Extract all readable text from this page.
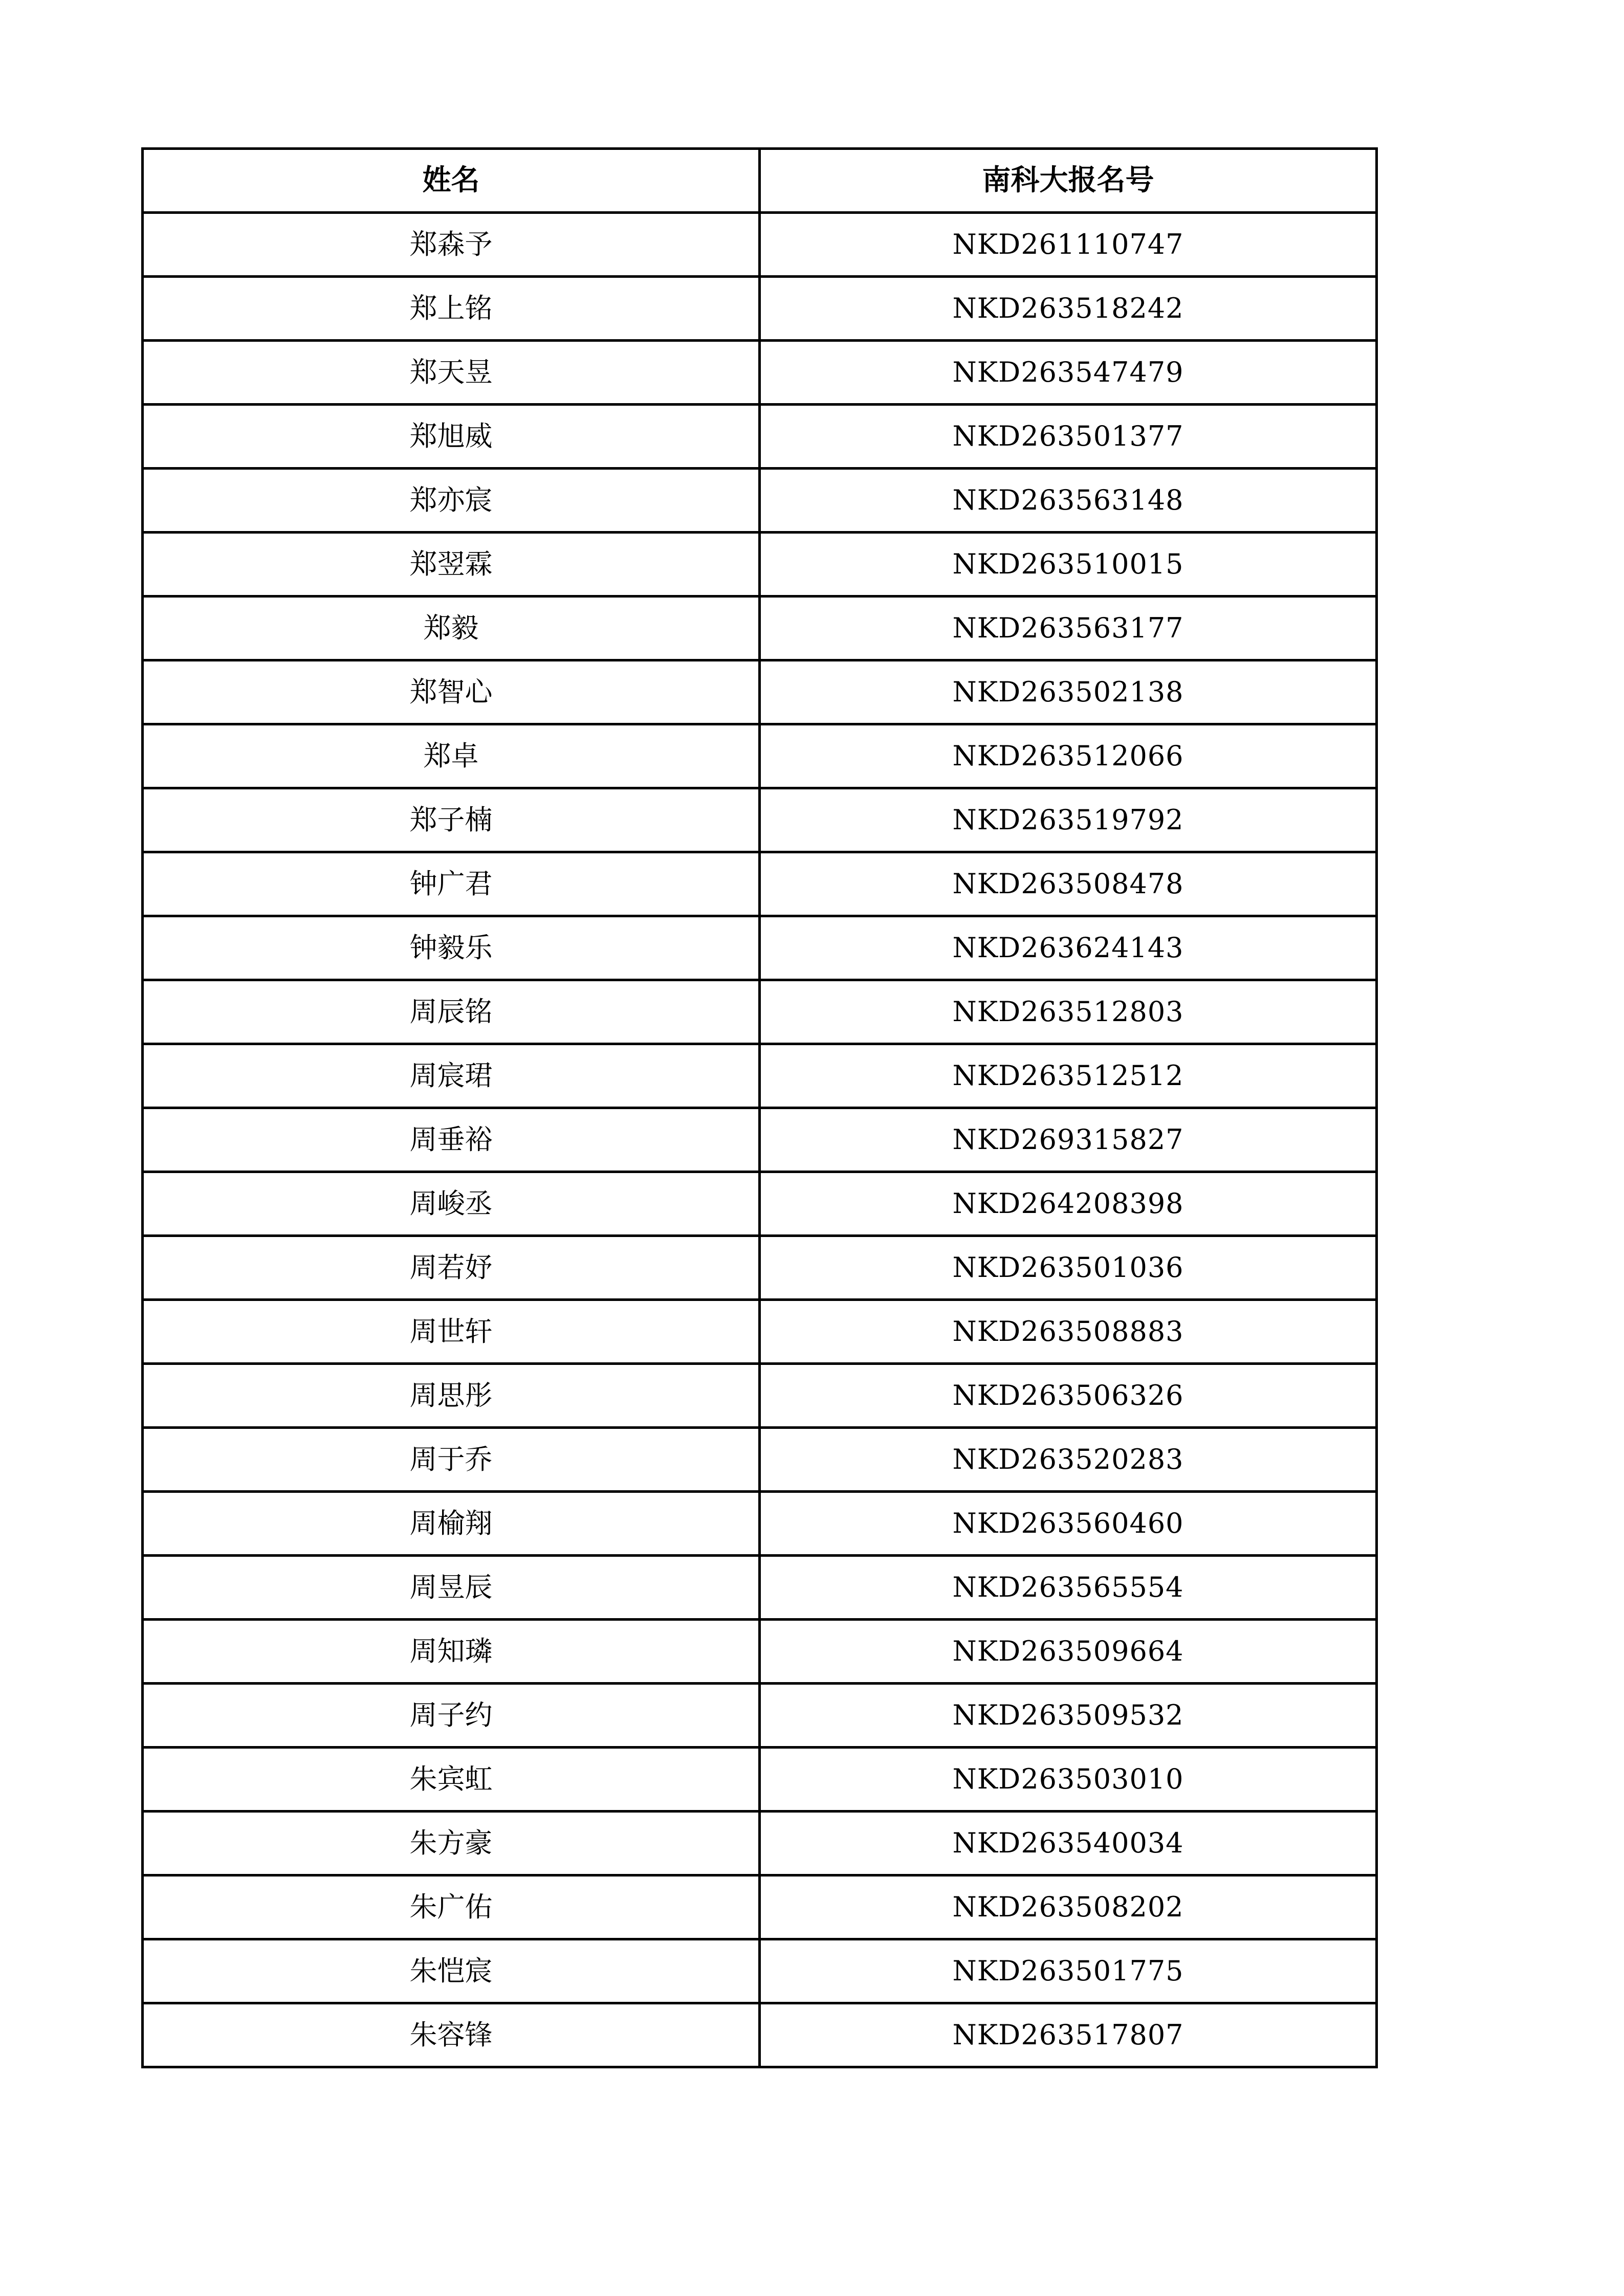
姓名	南科大报名号
郑森予	NKD261110747
郑上铭	NKD263518242
郑天昱	NKD263547479
郑旭威	NKD263501377
郑亦宸	NKD263563148
郑翌霖	NKD263510015
郑毅	NKD263563177
郑智心	NKD263502138
郑卓	NKD263512066
郑子楠	NKD263519792
钟广君	NKD263508478
钟毅乐	NKD263624143
周辰铭	NKD263512803
周宸珺	NKD263512512
周垂裕	NKD269315827
周峻丞	NKD264208398
周若妤	NKD263501036
周世轩	NKD263508883
周思彤	NKD263506326
周于乔	NKD263520283
周榆翔	NKD263560460
周昱辰	NKD263565554
周知璘	NKD263509664
周子约	NKD263509532
朱宾虹	NKD263503010
朱方豪	NKD263540034
朱广佑	NKD263508202
朱恺宸	NKD263501775
朱容锋	NKD263517807
